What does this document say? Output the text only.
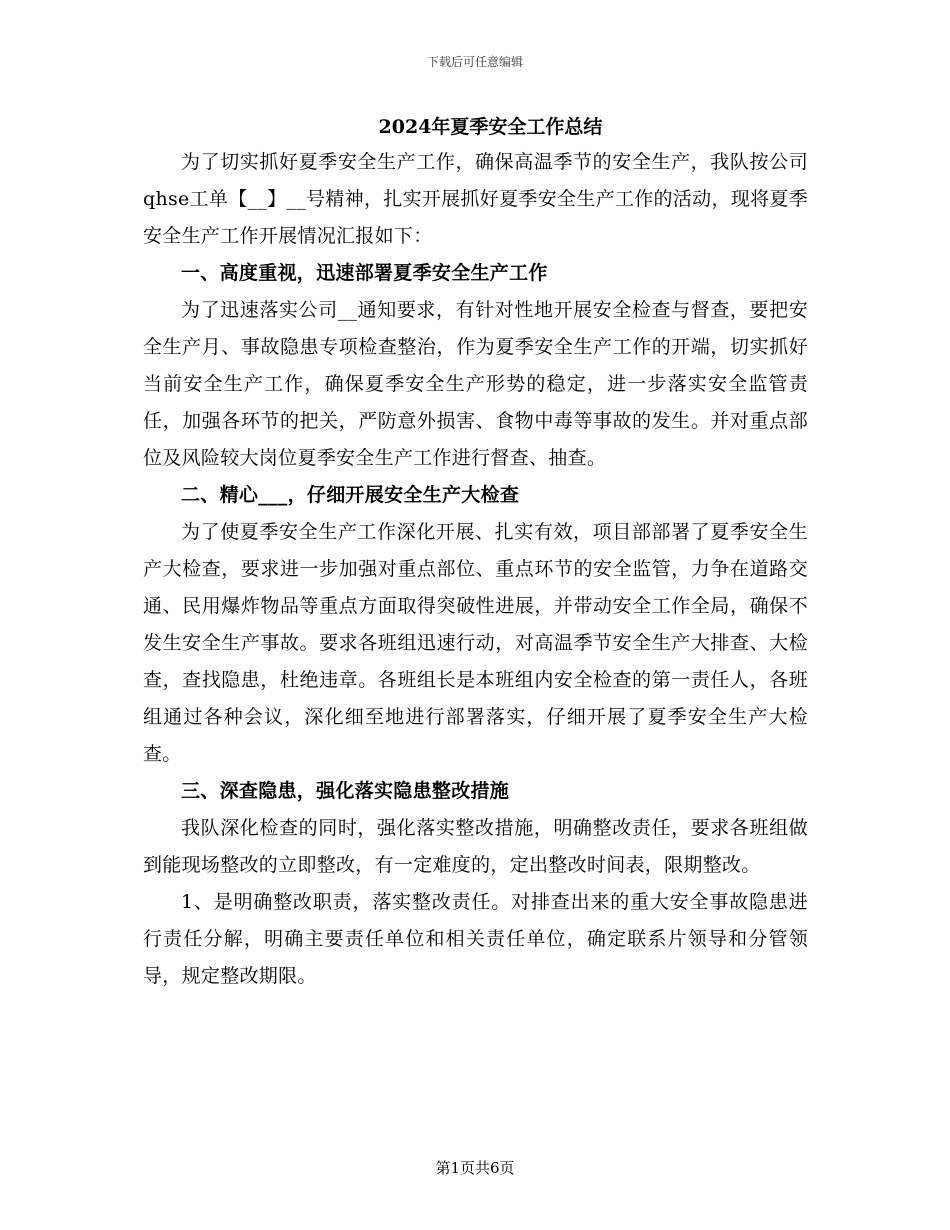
下载后可任意编辑
2024年夏季安全工作总结

为了切实抓好夏季安全生产工作，确保高温季节的安全生产，我队按公司qhse工单【__】__号精神，扎实开展抓好夏季安全生产工作的活动，现将夏季安全生产工作开展情况汇报如下：

一、高度重视，迅速部署夏季安全生产工作

为了迅速落实公司__通知要求，有针对性地开展安全检查与督查，要把安全生产月、事故隐患专项检查整治，作为夏季安全生产工作的开端，切实抓好当前安全生产工作，确保夏季安全生产形势的稳定，进一步落实安全监管责任，加强各环节的把关，严防意外损害、食物中毒等事故的发生。并对重点部位及风险较大岗位夏季安全生产工作进行督查、抽查。

二、精心___，仔细开展安全生产大检查

为了使夏季安全生产工作深化开展、扎实有效，项目部部署了夏季安全生产大检查，要求进一步加强对重点部位、重点环节的安全监管，力争在道路交通、民用爆炸物品等重点方面取得突破性进展，并带动安全工作全局，确保不发生安全生产事故。要求各班组迅速行动，对高温季节安全生产大排查、大检查，查找隐患，杜绝违章。各班组长是本班组内安全检查的第一责任人，各班组通过各种会议，深化细至地进行部署落实，仔细开展了夏季安全生产大检查。

三、深查隐患，强化落实隐患整改措施

我队深化检查的同时，强化落实整改措施，明确整改责任，要求各班组做到能现场整改的立即整改，有一定难度的，定出整改时间表，限期整改。

1、是明确整改职责，落实整改责任。对排查出来的重大安全事故隐患进行责任分解，明确主要责任单位和相关责任单位，确定联系片领导和分管领导，规定整改期限。

第1页共6页
